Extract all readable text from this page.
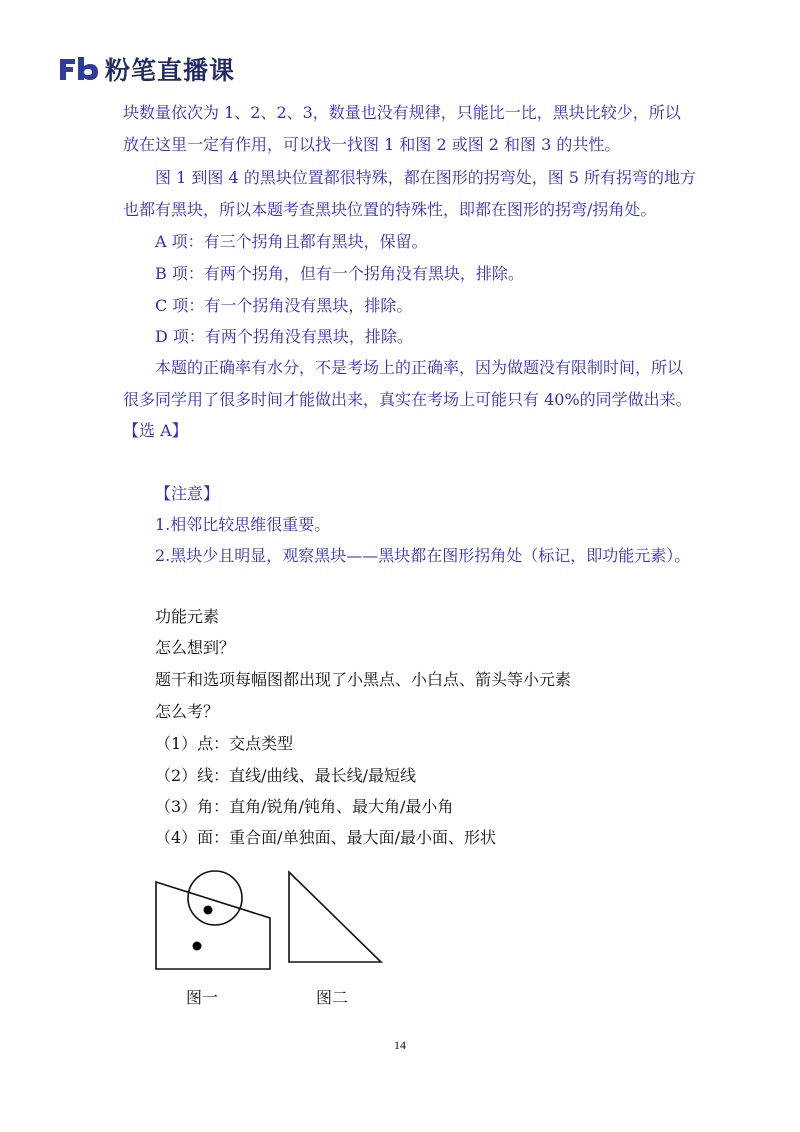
粉笔直播课
块数量依次为 1、2、2、3，数量也没有规律，只能比一比，黑块比较少，所以
放在这里一定有作用，可以找一找图 1 和图 2 或图 2 和图 3 的共性。
图 1 到图 4 的黑块位置都很特殊，都在图形的拐弯处，图 5 所有拐弯的地方
也都有黑块，所以本题考查黑块位置的特殊性，即都在图形的拐弯/拐角处。
A 项：有三个拐角且都有黑块，保留。
B 项：有两个拐角，但有一个拐角没有黑块，排除。
C 项：有一个拐角没有黑块，排除。
D 项：有两个拐角没有黑块，排除。
本题的正确率有水分，不是考场上的正确率，因为做题没有限制时间，所以
很多同学用了很多时间才能做出来，真实在考场上可能只有 40%的同学做出来。
【选 A】
【注意】
1.相邻比较思维很重要。
2.黑块少且明显，观察黑块——黑块都在图形拐角处（标记，即功能元素）。
功能元素
怎么想到？
题干和选项每幅图都出现了小黑点、小白点、箭头等小元素
怎么考？
（1）点：交点类型
（2）线：直线/曲线、最长线/最短线
（3）角：直角/锐角/钝角、最大角/最小角
（4）面：重合面/单独面、最大面/最小面、形状
图一	图二
14
